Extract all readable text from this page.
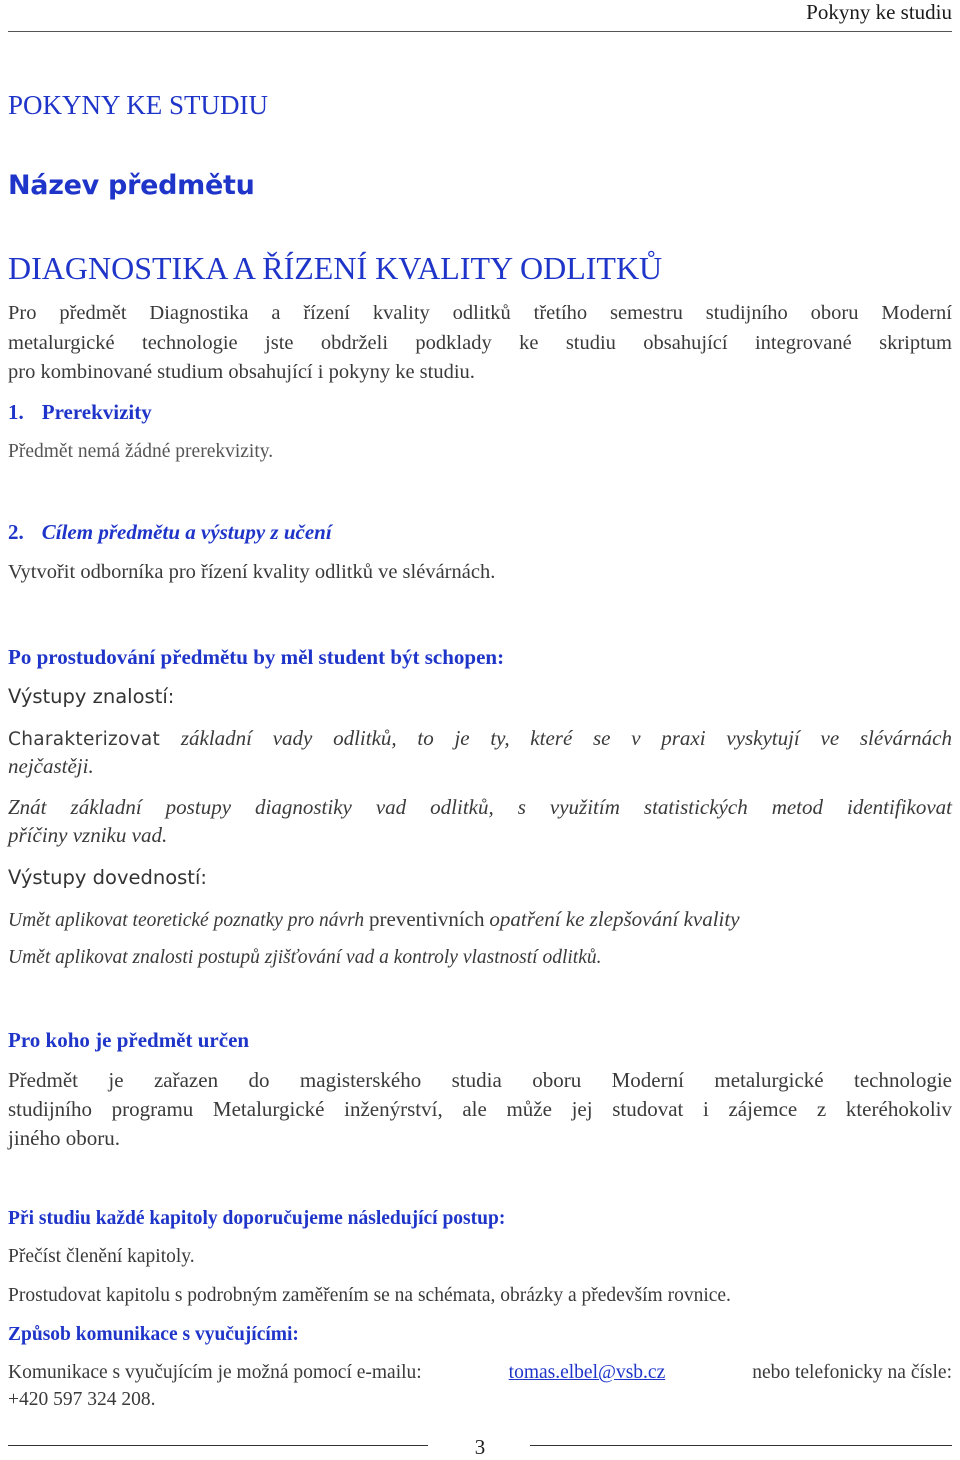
Pokyny ke studiu
POKYNY KE STUDIU
Název předmětu
DIAGNOSTIKA A ŘÍZENÍ KVALITY ODLITKŮ
Pro předmět Diagnostika a řízení kvality odlitků třetího semestru studijního oboru Moderní
metalurgické technologie jste obdrželi podklady ke studiu obsahující integrované skriptum
pro kombinované studium obsahující i pokyny ke studiu.
1. Prerekvizity
Předmět nemá žádné prerekvizity.
2. Cílem předmětu a výstupy z učení
Vytvořit odborníka pro řízení kvality odlitků ve slévárnách.
Po prostudování předmětu by měl student být schopen:
Výstupy znalostí:
Charakterizovat základní vady odlitků, to je ty, které se v praxi vyskytují ve slévárnách
nejčastěji.
Znát základní postupy diagnostiky vad odlitků, s využitím statistických metod identifikovat
příčiny vzniku vad.
Výstupy dovedností:
Umět aplikovat teoretické poznatky pro návrh preventivních opatření ke zlepšování kvality
Umět aplikovat znalosti postupů zjišťování vad a kontroly vlastností odlitků.
Pro koho je předmět určen
Předmět je zařazen do magisterského studia oboru Moderní metalurgické technologie
studijního programu Metalurgické inženýrství, ale může jej studovat i zájemce z kteréhokoliv
jiného oboru.
Při studiu každé kapitoly doporučujeme následující postup:
Přečíst členění kapitoly.
Prostudovat kapitolu s podrobným zaměřením se na schémata, obrázky a především rovnice.
Způsob komunikace s vyučujícími:
Komunikace s vyučujícím je možná pomocí e-mailu:	tomas.elbel@vsb.cz	nebo telefonicky na čísle:
+420 597 324 208.
3
